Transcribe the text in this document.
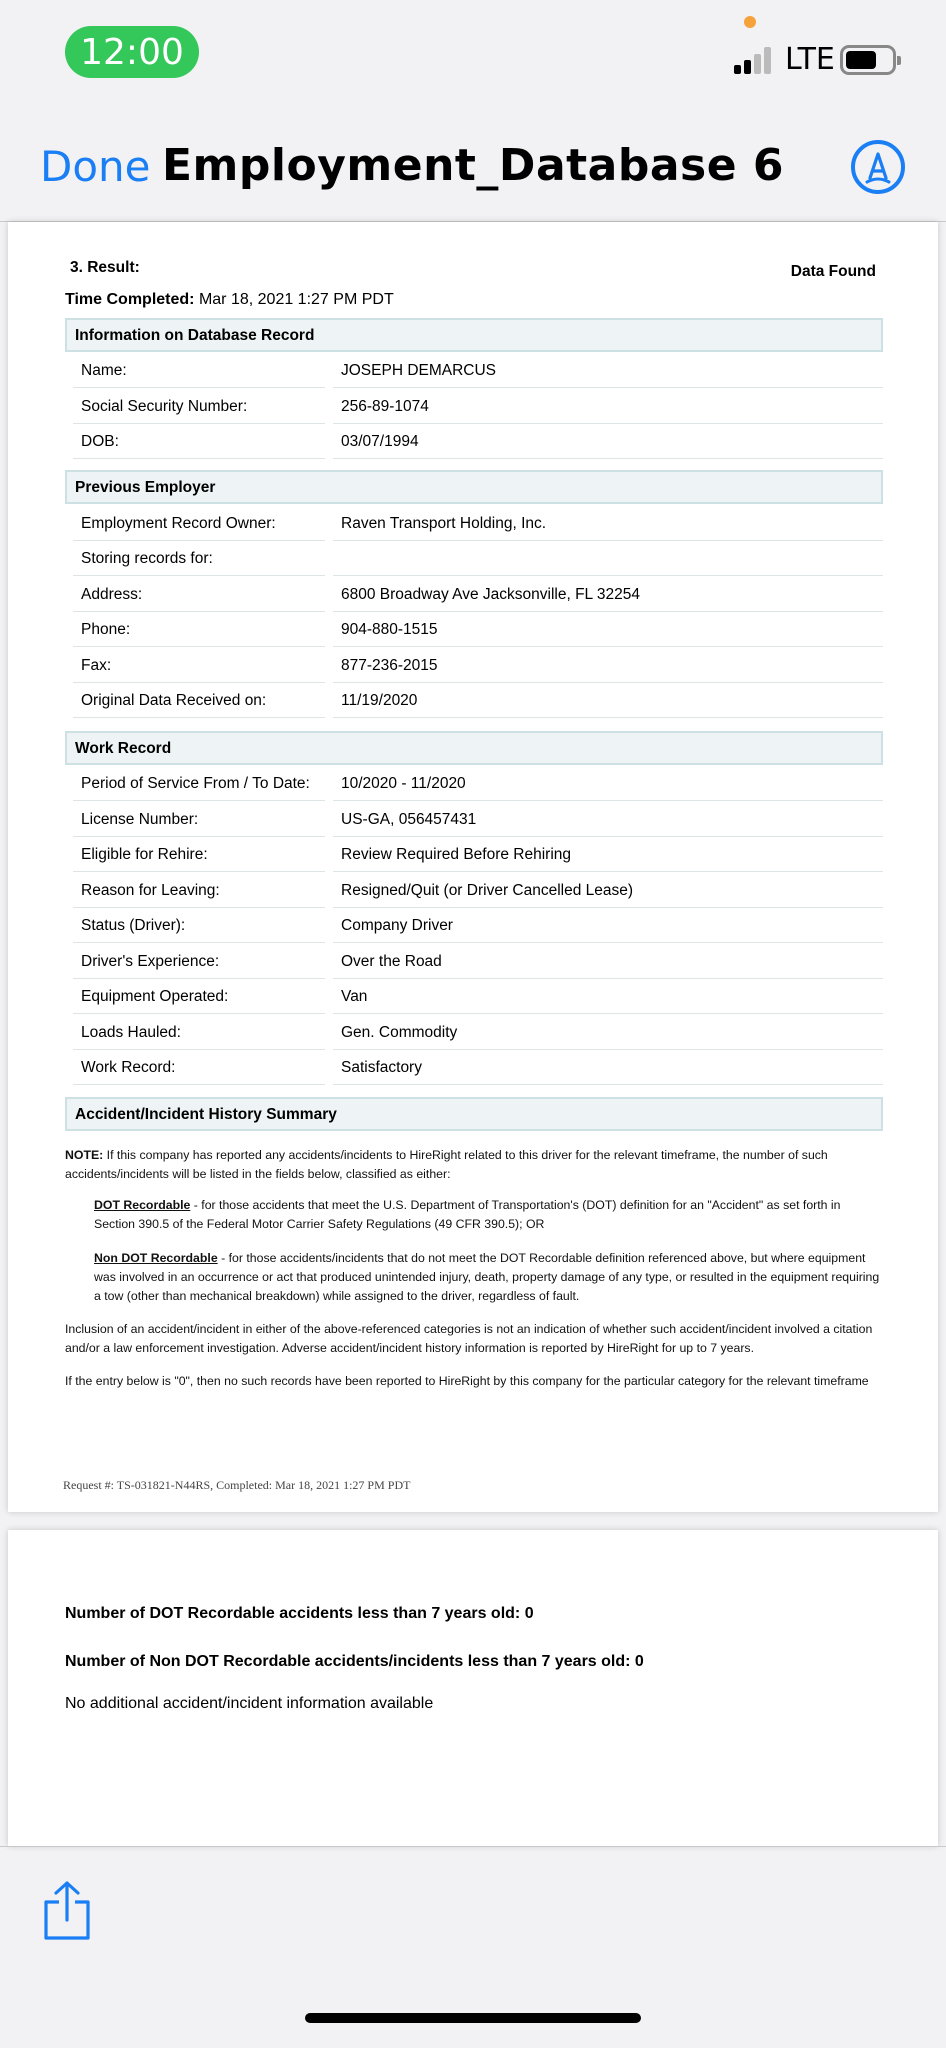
12:00	LTE
Done Employment_Database 6
3. Result:	Data Found
Time Completed: Mar 18, 2021 1:27 PM PDT
Information on Database Record
Name:	JOSEPH DEMARCUS
Social Security Number:	256-89-1074
DOB:	03/07/1994
Previous Employer
Employment Record Owner:	Raven Transport Holding, Inc.
Storing records for:
Address:	6800 Broadway Ave Jacksonville, FL 32254
Phone:	904-880-1515
Fax:	877-236-2015
Original Data Received on:	11/19/2020
Work Record
Period of Service From / To Date: 10/2020 - 11/2020
License Number:	US-GA, 056457431
Eligible for Rehire:	Review Required Before Rehiring
Reason for Leaving:	Resigned/Quit (or Driver Cancelled Lease)
Status (Driver):	Company Driver
Driver's Experience:	Over the Road
Equipment Operated:	Van
Loads Hauled:	Gen. Commodity
Work Record:	Satisfactory
Accident/Incident History Summary
NOTE: If this company has reported any accidents/incidents to HireRight related to this driver for the relevant timeframe, the number of such accidents/incidents will be listed in the fields below, classified as either:
DOT Recordable - for those accidents that meet the U.S. Department of Transportation's (DOT) definition for an "Accident" as set forth in Section 390.5 of the Federal Motor Carrier Safety Regulations (49 CFR 390.5); OR
Non DOT Recordable - for those accidents/incidents that do not meet the DOT Recordable definition referenced above, but where equipment was involved in an occurrence or act that produced unintended injury, death, property damage of any type, or resulted in the equipment requiring a tow (other than mechanical breakdown) while assigned to the driver, regardless of fault.
Inclusion of an accident/incident in either of the above-referenced categories is not an indication of whether such accident/incident involved a citation and/or a law enforcement investigation. Adverse accident/incident history information is reported by HireRight for up to 7 years.
If the entry below is "0", then no such records have been reported to HireRight by this company for the particular category for the relevant timeframe
Request #: TS-031821-N44RS, Completed: Mar 18, 2021 1:27 PM PDT
Number of DOT Recordable accidents less than 7 years old: 0
Number of Non DOT Recordable accidents/incidents less than 7 years old: 0
No additional accident/incident information available
